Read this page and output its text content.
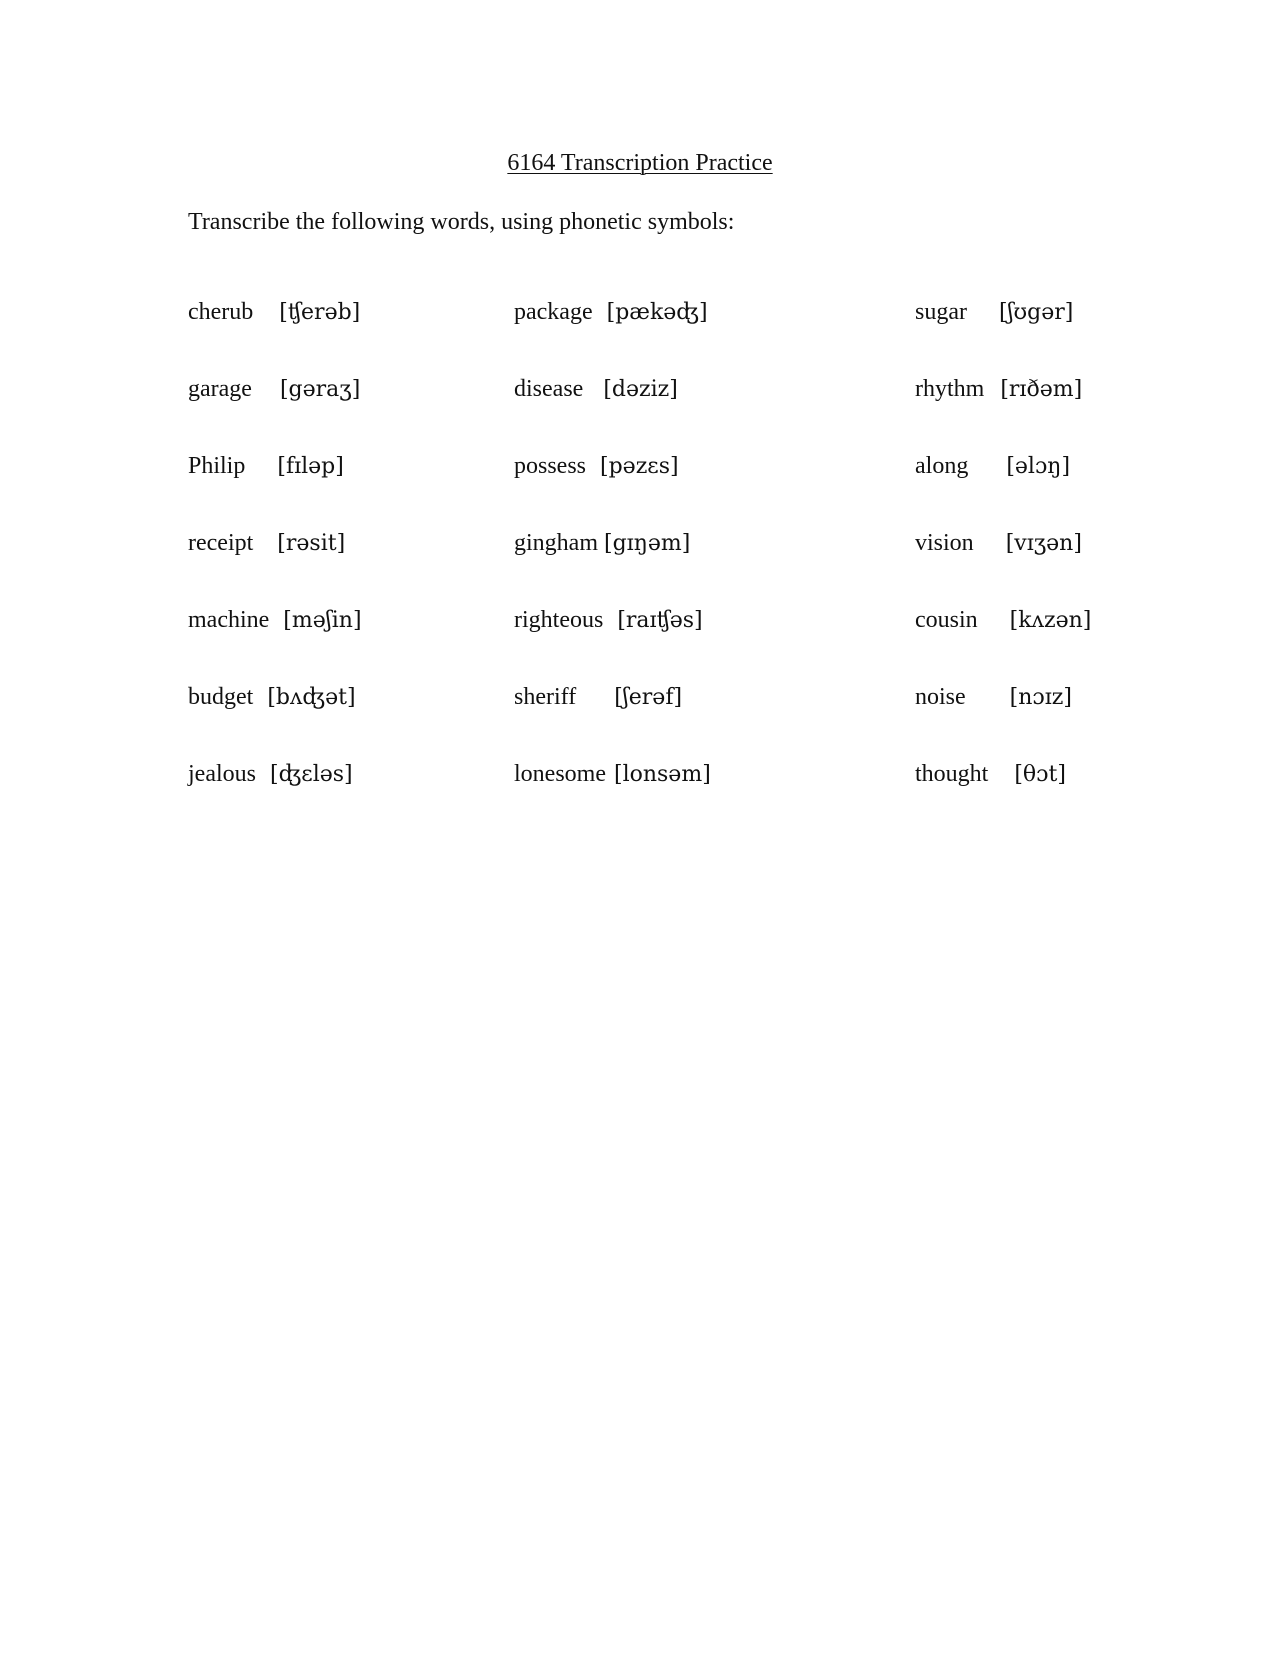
6164 Transcription Practice
Transcribe the following words, using phonetic symbols:
cherub [ʧerəb]	package [pækəʤ]	sugar [ʃʊgər]
garage [gəraʒ]	disease [dəziz]	rhythm [rɪðəm]
Philip [fɪləp]	possess [pəzɛs]	along [əlɔŋ]
receipt [rəsit]	gingham [gɪŋəm]	vision [vɪʒən]
machine [məʃin]	righteous [raɪʧəs]	cousin [kʌzən]
budget [bʌʤət]	sheriff [ʃerəf]	noise [nɔɪz]
jealous [ʤɛləs]	lonesome [lonsəm]	thought [θɔt]
